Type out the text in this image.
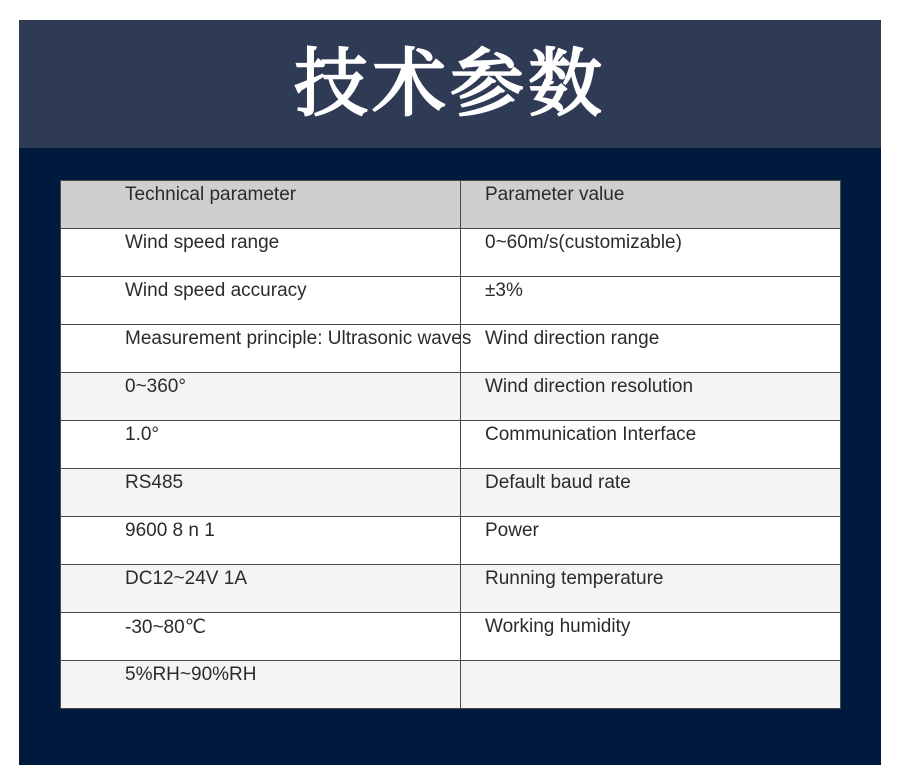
技术参数
Technical parameter	Parameter value

Wind speed range	0~60m/s(customizable)

Wind speed accuracy	±3%

Measurement principle: Ultrasonic waves	Wind direction range

0~360°	Wind direction resolution

1.0°	Communication Interface

RS485	Default baud rate

9600 8 n 1	Power

DC12~24V 1A	Running temperature

-30~80℃	Working humidity

5%RH~90%RH	
